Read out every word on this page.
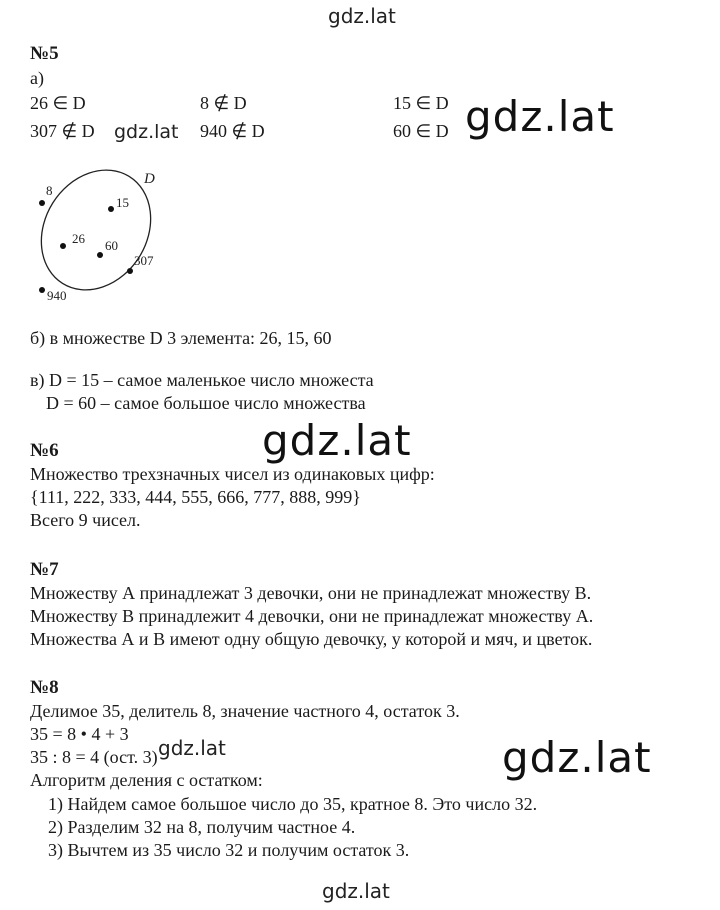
gdz.lat
№5
а)
26 ∈ D	8 ∉ D	15 ∈ D
307 ∉ D gdz.lat 940 ∉ D	60 ∈ D gdz.lat
D
8
15
26 60
307
940
б) в множестве D 3 элемента: 26, 15, 60
в) D = 15 – самое маленькое число множеста
D = 60 – самое большое число множества
gdz.lat
№6
Множество трехзначных чисел из одинаковых цифр:
{111, 222, 333, 444, 555, 666, 777, 888, 999}
Всего 9 чисел.
№7
Множеству А принадлежат 3 девочки, они не принадлежат множеству В.
Множеству В принадлежит 4 девочки, они не принадлежат множеству А.
Множества А и В имеют одну общую девочку, у которой и мяч, и цветок.
№8
Делимое 35, делитель 8, значение частного 4, остаток 3.
35 = 8 • 4 + 3
35 : 8 = 4 (ост. 3) gdz.lat
Алгоритм деления с остатком:	gdz.lat
1) Найдем самое большое число до 35, кратное 8. Это число 32.
2) Разделим 32 на 8, получим частное 4.
3) Вычтем из 35 число 32 и получим остаток 3.
gdz.lat
